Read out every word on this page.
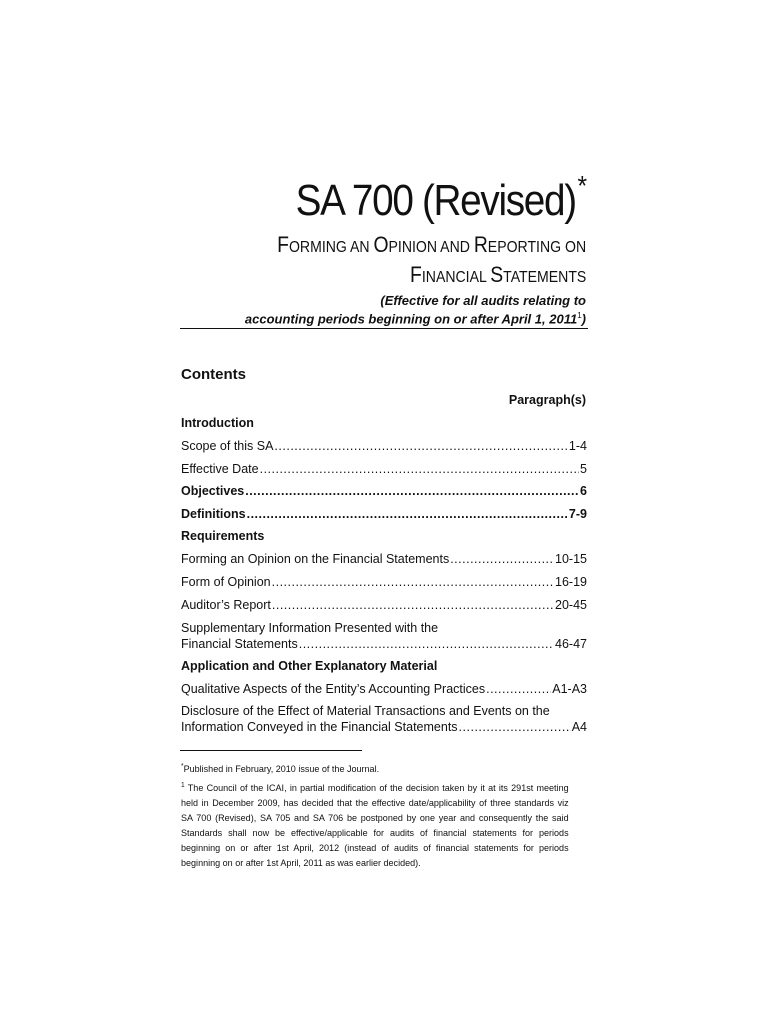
SA 700 (Revised)*
FORMING AN OPINION AND REPORTING ON
FINANCIAL STATEMENTS
(Effective for all audits relating to
accounting periods beginning on or after April 1, 2011$^1$)
Contents
Paragraph(s)
Introduction
Scope of this SA .....	1-4
Effective Date .....	5
Objectives .....	6
Definitions .....	7-9
Requirements
Forming an Opinion on the Financial Statements .....	10-15
Form of Opinion .....	16-19
Auditor’s Report .....	20-45
Supplementary Information Presented with the
Financial Statements .....	46-47
Application and Other Explanatory Material
Qualitative Aspects of the Entity’s Accounting Practices .....	A1-A3
Disclosure of the Effect of Material Transactions and Events on the
Information Conveyed in the Financial Statements .....	A4
*Published in February, 2010 issue of the Journal.
$^1$ The Council of the ICAI, in partial modification of the decision taken by it at its 291st meeting held in December 2009, has decided that the effective date/applicability of three standards viz SA 700 (Revised), SA 705 and SA 706 be postponed by one year and consequently the said Standards shall now be effective/applicable for audits of financial statements for periods beginning on or after 1st April, 2012 (instead of audits of financial statements for periods beginning on or after 1st April, 2011 as was earlier decided).
